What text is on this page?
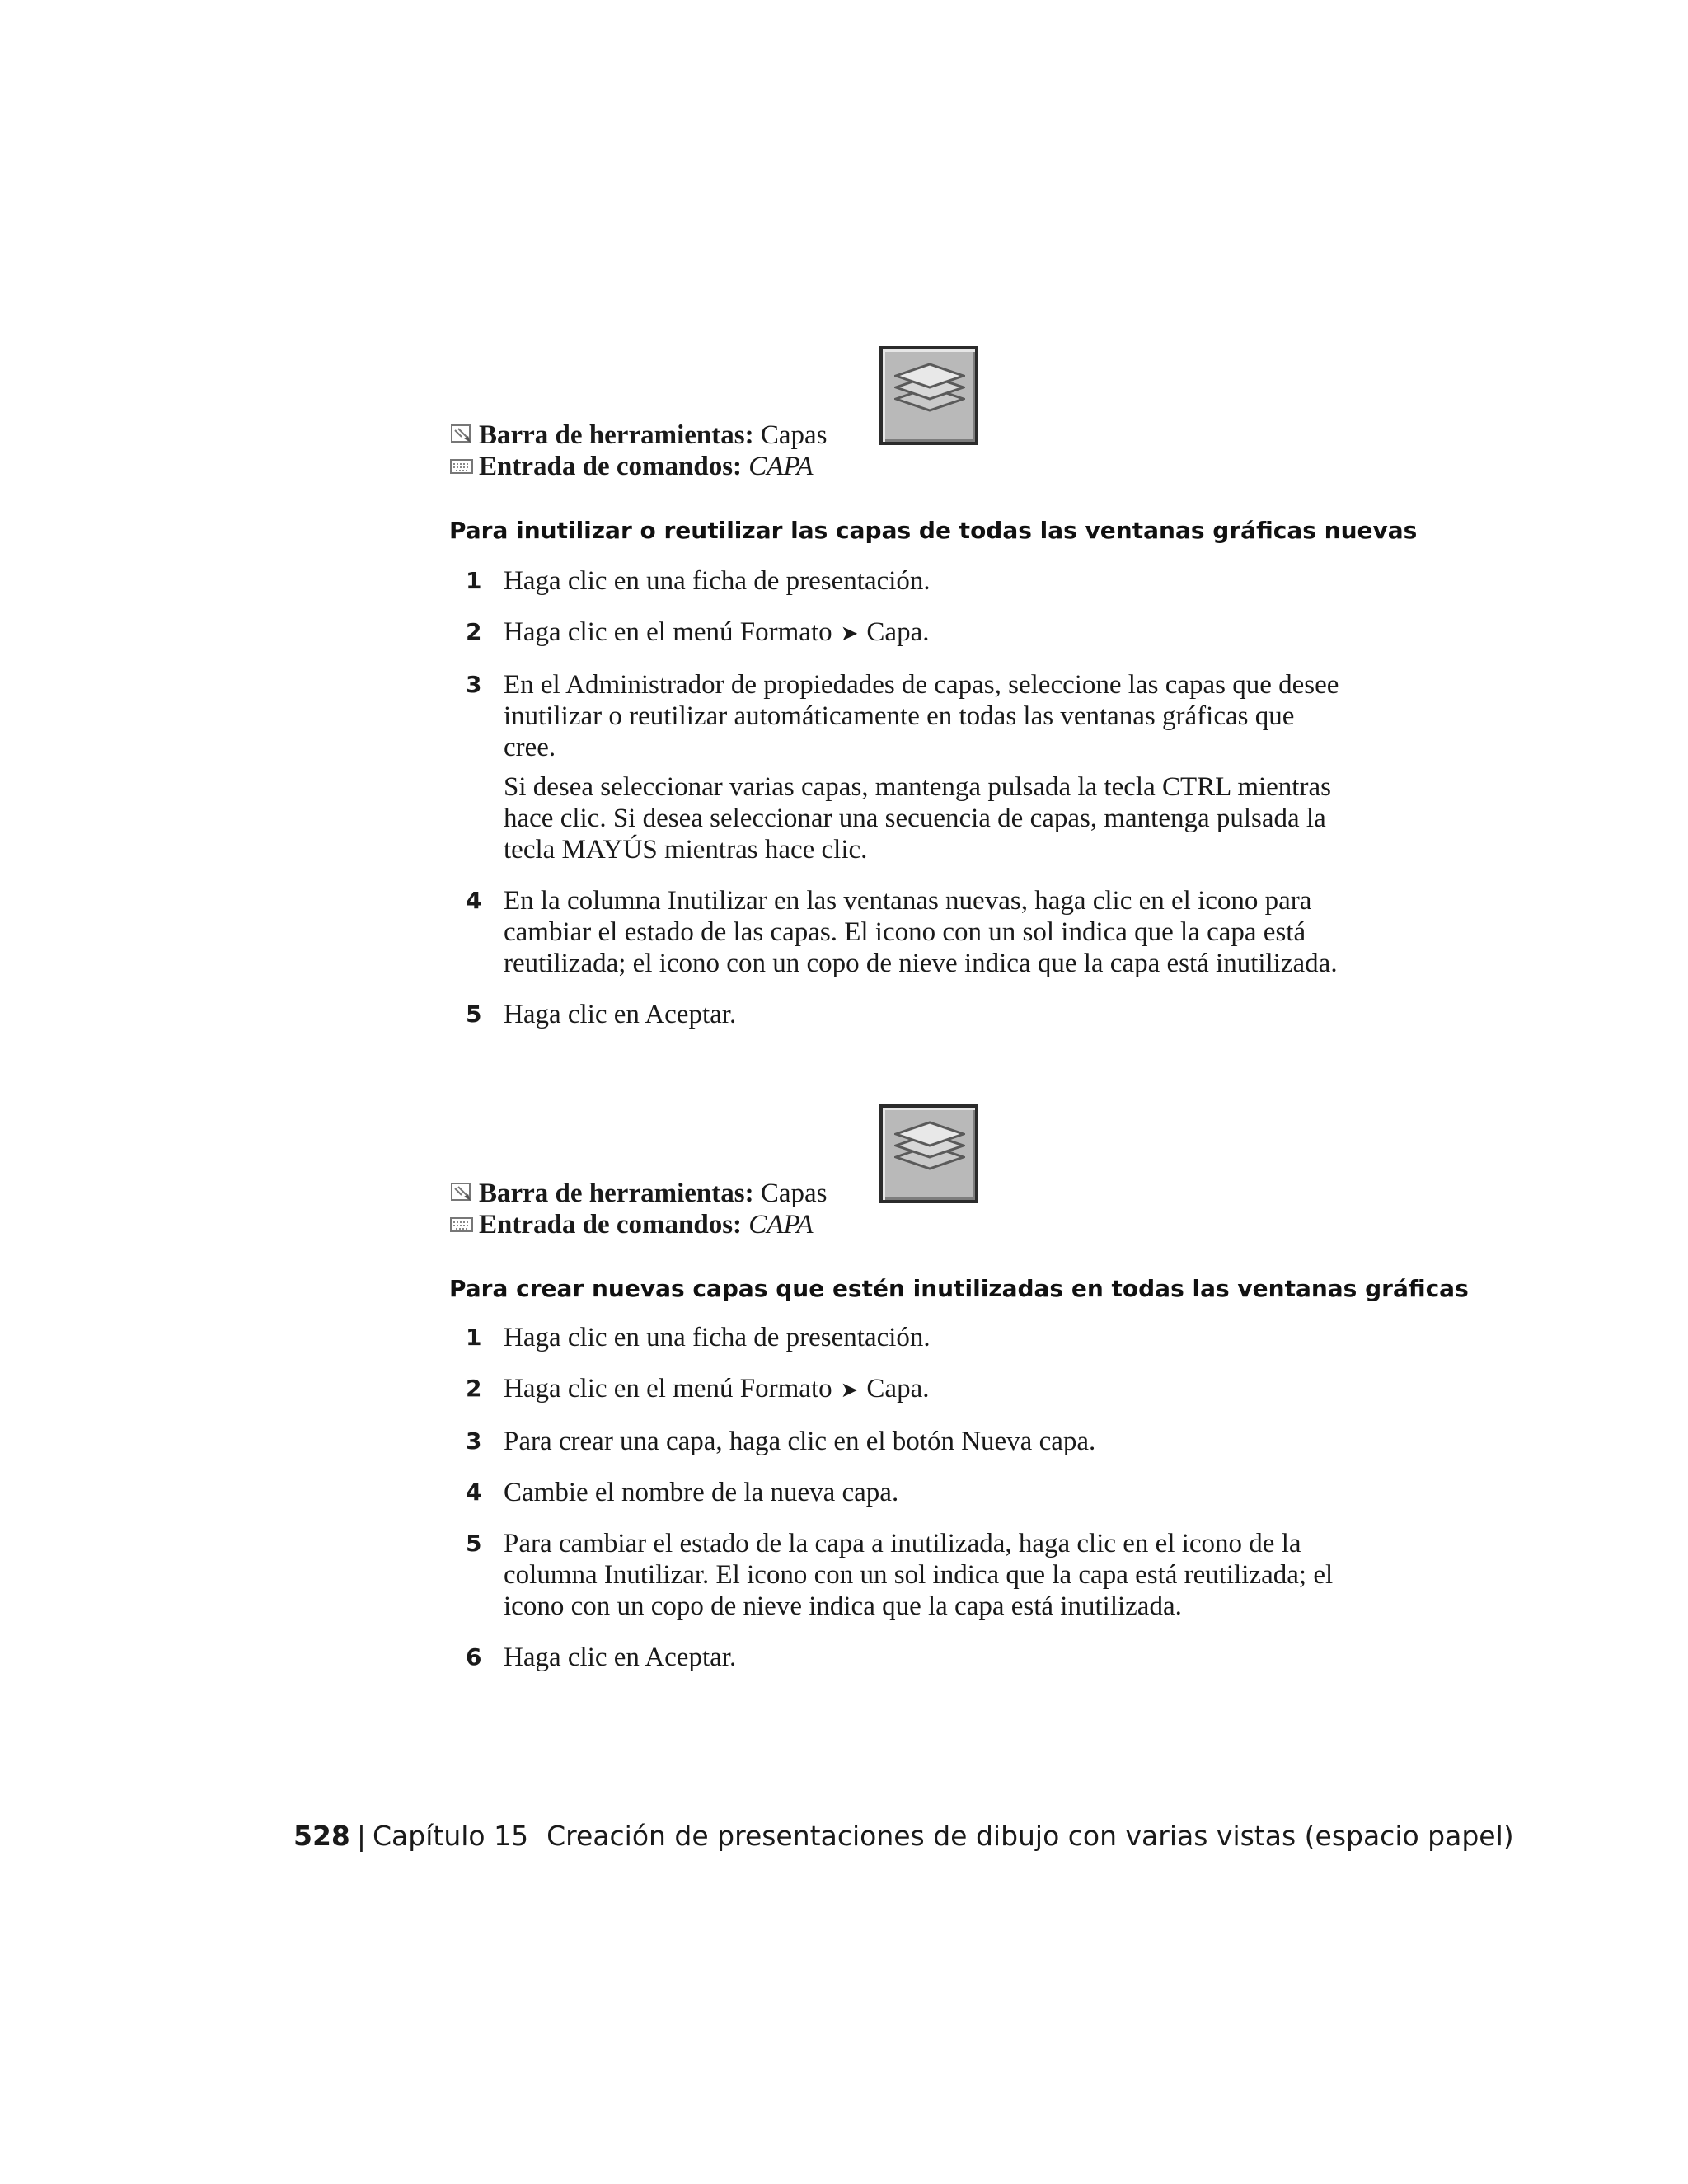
Barra de herramientas: Capas
Entrada de comandos: CAPA
Para inutilizar o reutilizar las capas de todas las ventanas gráficas nuevas
1 Haga clic en una ficha de presentación.
2 Haga clic en el menú Formato ➤ Capa.
3 En el Administrador de propiedades de capas, seleccione las capas que desee inutilizar o reutilizar automáticamente en todas las ventanas gráficas que cree.
Si desea seleccionar varias capas, mantenga pulsada la tecla CTRL mientras hace clic. Si desea seleccionar una secuencia de capas, mantenga pulsada la tecla MAYÚS mientras hace clic.
4 En la columna Inutilizar en las ventanas nuevas, haga clic en el icono para cambiar el estado de las capas. El icono con un sol indica que la capa está reutilizada; el icono con un copo de nieve indica que la capa está inutilizada.
5 Haga clic en Aceptar.
Barra de herramientas: Capas
Entrada de comandos: CAPA
Para crear nuevas capas que estén inutilizadas en todas las ventanas gráficas
1 Haga clic en una ficha de presentación.
2 Haga clic en el menú Formato ➤ Capa.
3 Para crear una capa, haga clic en el botón Nueva capa.
4 Cambie el nombre de la nueva capa.
5 Para cambiar el estado de la capa a inutilizada, haga clic en el icono de la columna Inutilizar. El icono con un sol indica que la capa está reutilizada; el icono con un copo de nieve indica que la capa está inutilizada.
6 Haga clic en Aceptar.
528 | Capítulo 15 Creación de presentaciones de dibujo con varias vistas (espacio papel)
